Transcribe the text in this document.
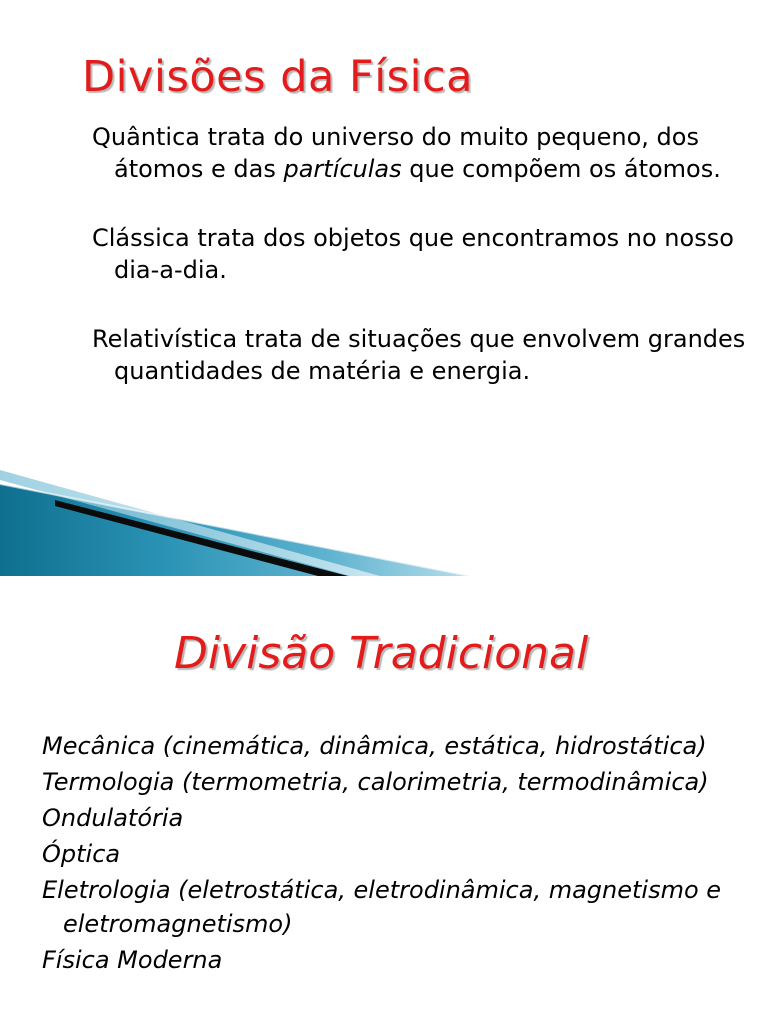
Divisões da Física
Quântica trata do universo do muito pequeno, dos átomos e das partículas que compõem os átomos.
Clássica trata dos objetos que encontramos no nosso dia-a-dia.
Relativística trata de situações que envolvem grandes quantidades de matéria e energia.
Divisão Tradicional
Mecânica (cinemática, dinâmica, estática, hidrostática)
Termologia (termometria, calorimetria, termodinâmica)
Ondulatória
Óptica
Eletrologia (eletrostática, eletrodinâmica, magnetismo e eletromagnetismo)
Física Moderna
